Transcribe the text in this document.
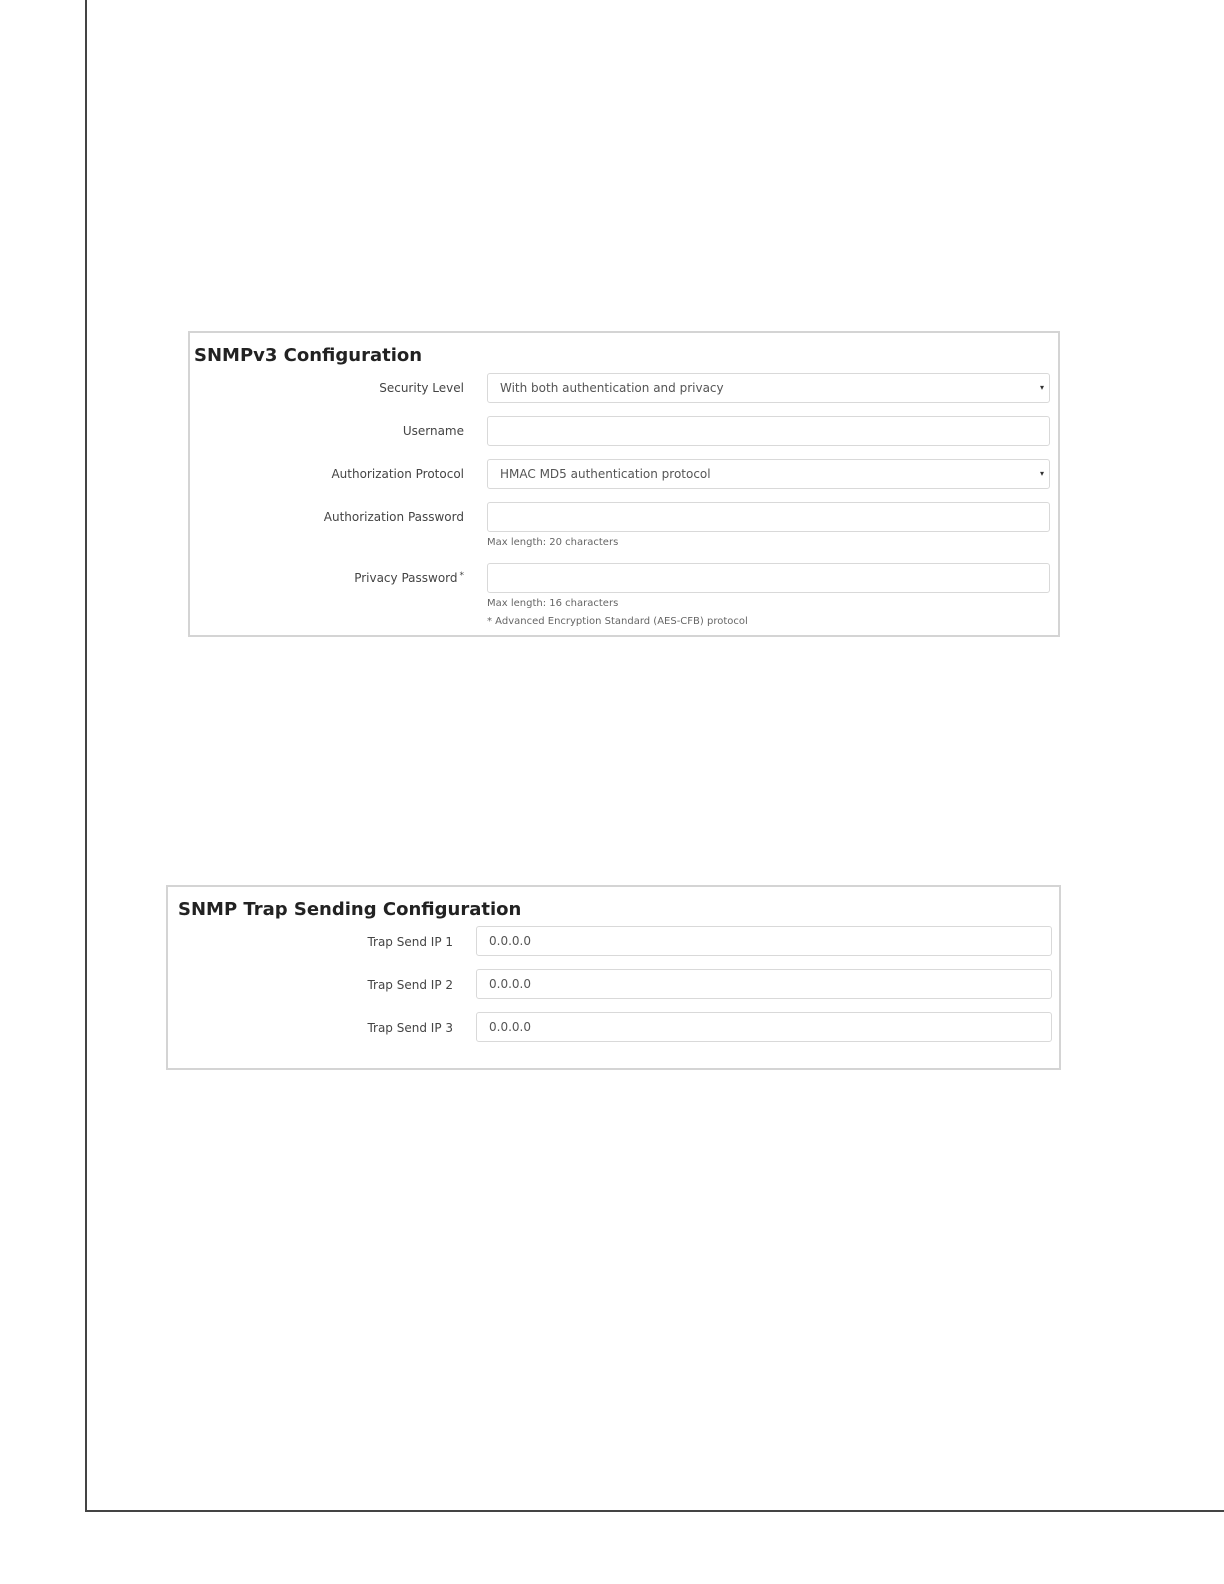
SNMPv3 Configuration
Security Level	With both authentication and privacy	▾
Username
Authorization Protocol	HMAC MD5 authentication protocol	▾
Authorization Password
Max length: 20 characters
Privacy Password *
Max length: 16 characters
* Advanced Encryption Standard (AES-CFB) protocol
SNMP Trap Sending Configuration
Trap Send IP 1	0.0.0.0
Trap Send IP 2	0.0.0.0
Trap Send IP 3	0.0.0.0
